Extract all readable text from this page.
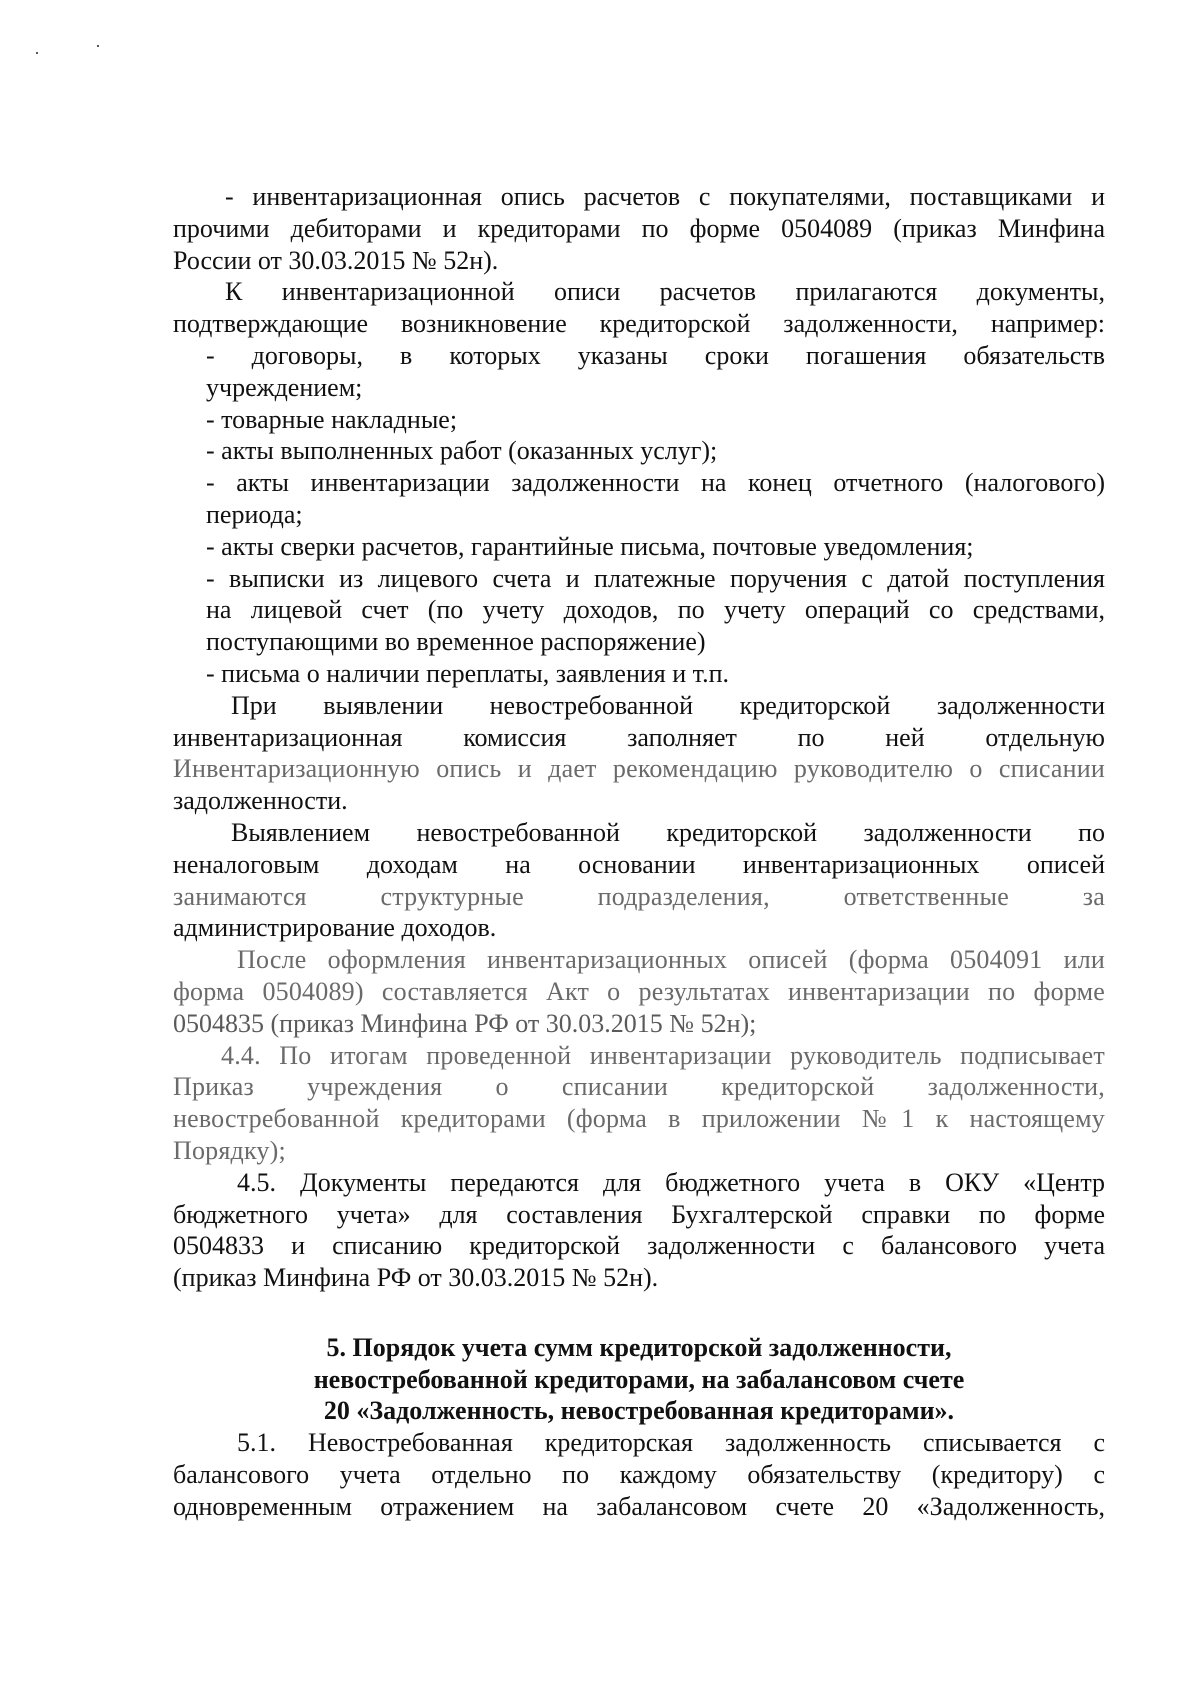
- инвентаризационная опись расчетов с покупателями, поставщиками и
прочими дебиторами и кредиторами по форме 0504089 (приказ Минфина
России от 30.03.2015 № 52н).
К инвентаризационной описи расчетов прилагаются документы,
подтверждающие возникновение кредиторской задолженности, например:
- договоры, в которых указаны сроки погашения обязательств
учреждением;
- товарные накладные;
- акты выполненных работ (оказанных услуг);
- акты инвентаризации задолженности на конец отчетного (налогового)
периода;
- акты сверки расчетов, гарантийные письма, почтовые уведомления;
- выписки из лицевого счета и платежные поручения с датой поступления
на лицевой счет (по учету доходов, по учету операций со средствами,
поступающими во временное распоряжение)
- письма о наличии переплаты, заявления и т.п.
При выявлении невостребованной кредиторской задолженности
инвентаризационная комиссия заполняет по ней отдельную
Инвентаризационную опись и дает рекомендацию руководителю о списании
задолженности.
Выявлением невостребованной кредиторской задолженности по
неналоговым доходам на основании инвентаризационных описей
занимаются структурные подразделения, ответственные за
администрирование доходов.
После оформления инвентаризационных описей (форма 0504091 или
форма 0504089) составляется Акт о результатах инвентаризации по форме
0504835 (приказ Минфина РФ от 30.03.2015 № 52н);
4.4. По итогам проведенной инвентаризации руководитель подписывает
Приказ учреждения о списании кредиторской задолженности,
невостребованной кредиторами (форма в приложении №1 к настоящему
Порядку);
4.5. Документы передаются для бюджетного учета в ОКУ «Центр
бюджетного учета» для составления Бухгалтерской справки по форме
0504833 и списанию кредиторской задолженности с балансового учета
(приказ Минфина РФ от 30.03.2015 № 52н).
5. Порядок учета сумм кредиторской задолженности,
невостребованной кредиторами, на забалансовом счете
20 «Задолженность, невостребованная кредиторами».
5.1. Невостребованная кредиторская задолженность списывается с
балансового учета отдельно по каждому обязательству (кредитору) с
одновременным отражением на забалансовом счете 20 «Задолженность,
